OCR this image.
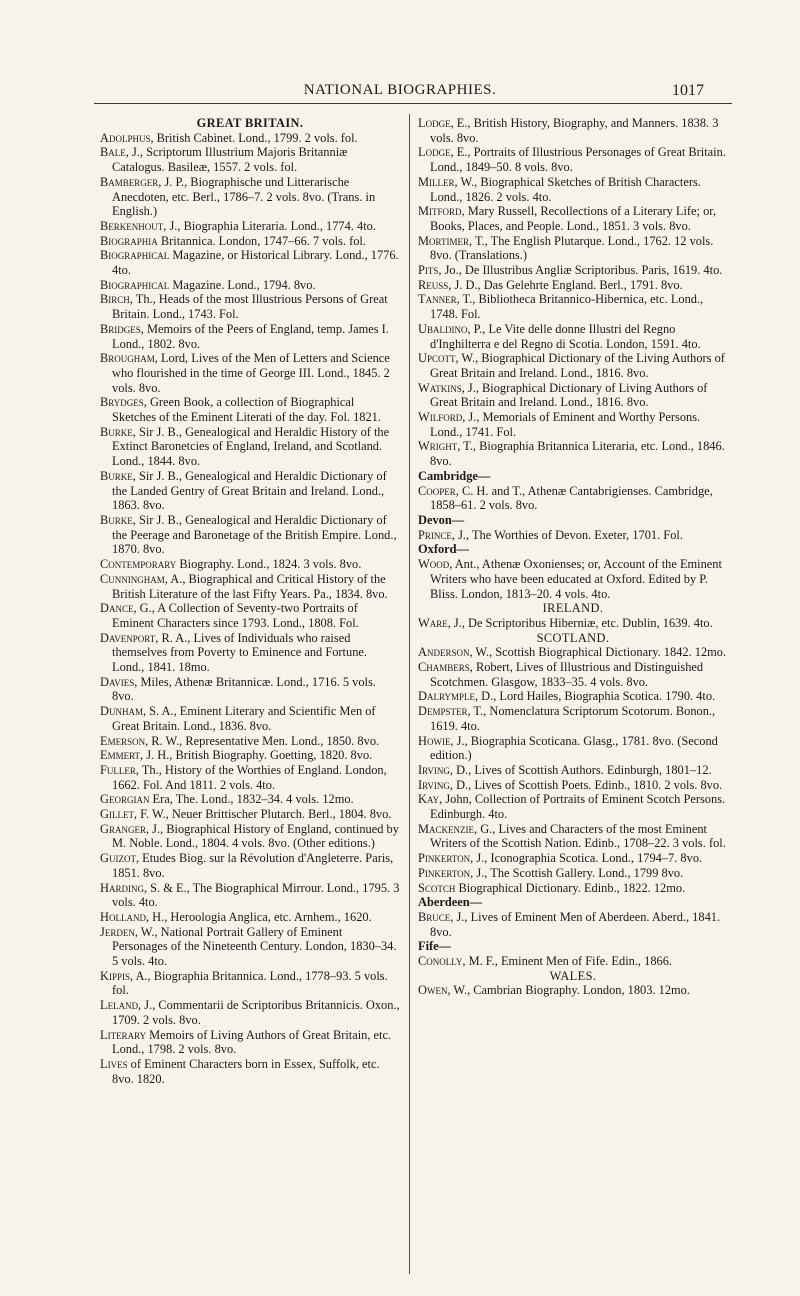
NATIONAL BIOGRAPHIES.	1017
GREAT BRITAIN.
Adolphus, British Cabinet. Lond., 1799. 2 vols. fol.
Bale, J., Scriptorum Illustrium Majoris Britanniæ Catalogus. Basileæ, 1557. 2 vols. fol.
Bamberger, J. P., Biographische und Litterarische Anecdoten, etc. Berl., 1786–7. 2 vols. 8vo. (Trans. in English.)
Berkenhout, J., Biographia Literaria. Lond., 1774. 4to.
Biographia Britannica. London, 1747–66. 7 vols. fol.
Biographical Magazine, or Historical Library. Lond., 1776. 4to.
Biographical Magazine. Lond., 1794. 8vo.
Birch, Th., Heads of the most Illustrious Persons of Great Britain. Lond., 1743. Fol.
Bridges, Memoirs of the Peers of England, temp. James I. Lond., 1802. 8vo.
Brougham, Lord, Lives of the Men of Letters and Science who flourished in the time of George III. Lond., 1845. 2 vols. 8vo.
Brydges, Green Book, a collection of Biographical Sketches of the Eminent Literati of the day. Fol. 1821.
Burke, Sir J. B., Genealogical and Heraldic History of the Extinct Baronetcies of England, Ireland, and Scotland. Lond., 1844. 8vo.
Burke, Sir J. B., Genealogical and Heraldic Dictionary of the Landed Gentry of Great Britain and Ireland. Lond., 1863. 8vo.
Burke, Sir J. B., Genealogical and Heraldic Dictionary of the Peerage and Baronetage of the British Empire. Lond., 1870. 8vo.
Contemporary Biography. Lond., 1824. 3 vols. 8vo.
Cunningham, A., Biographical and Critical History of the British Literature of the last Fifty Years. Pa., 1834. 8vo.
Dance, G., A Collection of Seventy-two Portraits of Eminent Characters since 1793. Lond., 1808. Fol.
Davenport, R. A., Lives of Individuals who raised themselves from Poverty to Eminence and Fortune. Lond., 1841. 18mo.
Davies, Miles, Athenæ Britannicæ. Lond., 1716. 5 vols. 8vo.
Dunham, S. A., Eminent Literary and Scientific Men of Great Britain. Lond., 1836. 8vo.
Emerson, R. W., Representative Men. Lond., 1850. 8vo.
Emmert, J. H., British Biography. Goetting, 1820. 8vo.
Fuller, Th., History of the Worthies of England. London, 1662. Fol. And 1811. 2 vols. 4to.
Georgian Era, The. Lond., 1832–34. 4 vols. 12mo.
Gillet, F. W., Neuer Brittischer Plutarch. Berl., 1804. 8vo.
Granger, J., Biographical History of England, continued by M. Noble. Lond., 1804. 4 vols. 8vo. (Other editions.)
Guizot, Etudes Biog. sur la Révolution d'Angleterre. Paris, 1851. 8vo.
Harding, S. & E., The Biographical Mirrour. Lond., 1795. 3 vols. 4to.
Holland, H., Heroologia Anglica, etc. Arnhem., 1620.
Jerden, W., National Portrait Gallery of Eminent Personages of the Nineteenth Century. London, 1830–34. 5 vols. 4to.
Kippis, A., Biographia Britannica. Lond., 1778–93. 5 vols. fol.
Leland, J., Commentarii de Scriptoribus Britannicis. Oxon., 1709. 2 vols. 8vo.
Literary Memoirs of Living Authors of Great Britain, etc. Lond., 1798. 2 vols. 8vo.
Lives of Eminent Characters born in Essex, Suffolk, etc. 8vo. 1820.
Lodge, E., British History, Biography, and Manners. 1838. 3 vols. 8vo.
Lodge, E., Portraits of Illustrious Personages of Great Britain. Lond., 1849–50. 8 vols. 8vo.
Miller, W., Biographical Sketches of British Characters. Lond., 1826. 2 vols. 4to.
Mitford, Mary Russell, Recollections of a Literary Life; or, Books, Places, and People. Lond., 1851. 3 vols. 8vo.
Mortimer, T., The English Plutarque. Lond., 1762. 12 vols. 8vo. (Translations.)
Pits, Jo., De Illustribus Angliæ Scriptoribus. Paris, 1619. 4to.
Reuss, J. D., Das Gelehrte England. Berl., 1791. 8vo.
Tanner, T., Bibliotheca Britannico-Hibernica, etc. Lond., 1748. Fol.
Ubaldino, P., Le Vite delle donne Illustri del Regno d'Inghilterra e del Regno di Scotia. London, 1591. 4to.
Upcott, W., Biographical Dictionary of the Living Authors of Great Britain and Ireland. Lond., 1816. 8vo.
Watkins, J., Biographical Dictionary of Living Authors of Great Britain and Ireland. Lond., 1816. 8vo.
Wilford, J., Memorials of Eminent and Worthy Persons. Lond., 1741. Fol.
Wright, T., Biographia Britannica Literaria, etc. Lond., 1846. 8vo.
Cambridge—
Cooper, C. H. and T., Athenæ Cantabrigienses. Cambridge, 1858–61. 2 vols. 8vo.
Devon—
Prince, J., The Worthies of Devon. Exeter, 1701. Fol.
Oxford—
Wood, Ant., Athenæ Oxonienses; or, Account of the Eminent Writers who have been educated at Oxford. Edited by P. Bliss. London, 1813–20. 4 vols. 4to.
IRELAND.
Ware, J., De Scriptoribus Hiberniæ, etc. Dublin, 1639. 4to.
SCOTLAND.
Anderson, W., Scottish Biographical Dictionary. 1842. 12mo.
Chambers, Robert, Lives of Illustrious and Distinguished Scotchmen. Glasgow, 1833–35. 4 vols. 8vo.
Dalrymple, D., Lord Hailes, Biographia Scotica. 1790. 4to.
Dempster, T., Nomenclatura Scriptorum Scotorum. Bonon., 1619. 4to.
Howie, J., Biographia Scoticana. Glasg., 1781. 8vo. (Second edition.)
Irving, D., Lives of Scottish Authors. Edinburgh, 1801–12.
Irving, D., Lives of Scottish Poets. Edinb., 1810. 2 vols. 8vo.
Kay, John, Collection of Portraits of Eminent Scotch Persons. Edinburgh. 4to.
Mackenzie, G., Lives and Characters of the most Eminent Writers of the Scottish Nation. Edinb., 1708–22. 3 vols. fol.
Pinkerton, J., Iconographia Scotica. Lond., 1794–7. 8vo.
Pinkerton, J., The Scottish Gallery. Lond., 1799 8vo.
Scotch Biographical Dictionary. Edinb., 1822. 12mo.
Aberdeen—
Bruce, J., Lives of Eminent Men of Aberdeen. Aberd., 1841. 8vo.
Fife—
Conolly, M. F., Eminent Men of Fife. Edin., 1866.
WALES.
Owen, W., Cambrian Biography. London, 1803. 12mo.
